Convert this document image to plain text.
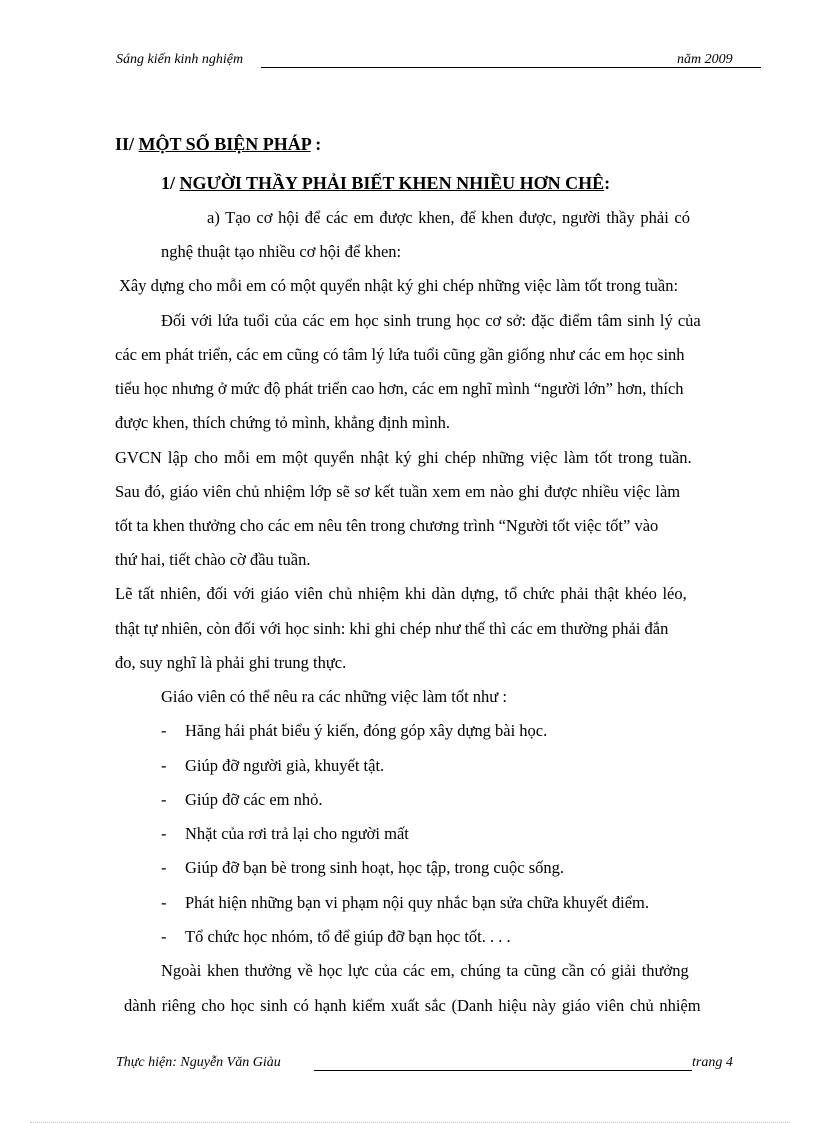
Sáng kiến kinh nghiệm	năm 2009
II/ MỘT SỐ BIỆN PHÁP :
1/ NGƯỜI THẦY PHẢI BIẾT KHEN NHIỀU HƠN CHÊ:
a) Tạo cơ hội để các em được khen, để khen được, người thầy phải có
nghệ thuật tạo nhiều cơ hội để khen:
Xây dựng cho mỗi em có một quyển nhật ký ghi chép những việc làm tốt trong tuần:
Đối với lứa tuổi của các em học sinh trung học cơ sở: đặc điểm tâm sinh lý của
các em phát triển, các em cũng có tâm lý lứa tuổi cũng gần giống như các em học sinh
tiểu học nhưng ở mức độ phát triển cao hơn, các em nghĩ mình “người lớn” hơn, thích
được khen, thích chứng tỏ mình, khẳng định mình.
GVCN lập cho mỗi em một quyển nhật ký ghi chép những việc làm tốt trong tuần.
Sau đó, giáo viên chủ nhiệm lớp sẽ sơ kết tuần xem em nào ghi được nhiều việc làm
tốt ta khen thưởng cho các em nêu tên trong chương trình “Người tốt việc tốt” vào
thứ hai, tiết chào cờ đầu tuần.
Lẽ tất nhiên, đối với giáo viên chủ nhiệm khi dàn dựng, tổ chức phải thật khéo léo,
thật tự nhiên, còn đối với học sinh: khi ghi chép như thế thì các em thường phải đắn
đo, suy nghĩ là phải ghi trung thực.
Giáo viên có thể nêu ra các những việc làm tốt như :
- Hăng hái phát biểu ý kiến, đóng góp xây dựng bài học.
- Giúp đỡ người già, khuyết tật.
- Giúp đỡ các em nhỏ.
- Nhặt của rơi trả lại cho người mất
- Giúp đỡ bạn bè trong sinh hoạt, học tập, trong cuộc sống.
- Phát hiện những bạn vi phạm nội quy nhắc bạn sửa chữa khuyết điểm.
- Tổ chức học nhóm, tổ để giúp đỡ bạn học tốt. . . .
Ngoài khen thưởng về học lực của các em, chúng ta cũng cần có giải thưởng
dành riêng cho học sinh có hạnh kiểm xuất sắc (Danh hiệu này giáo viên chủ nhiệm
Thực hiện: Nguyễn Văn Giàu	trang 4
